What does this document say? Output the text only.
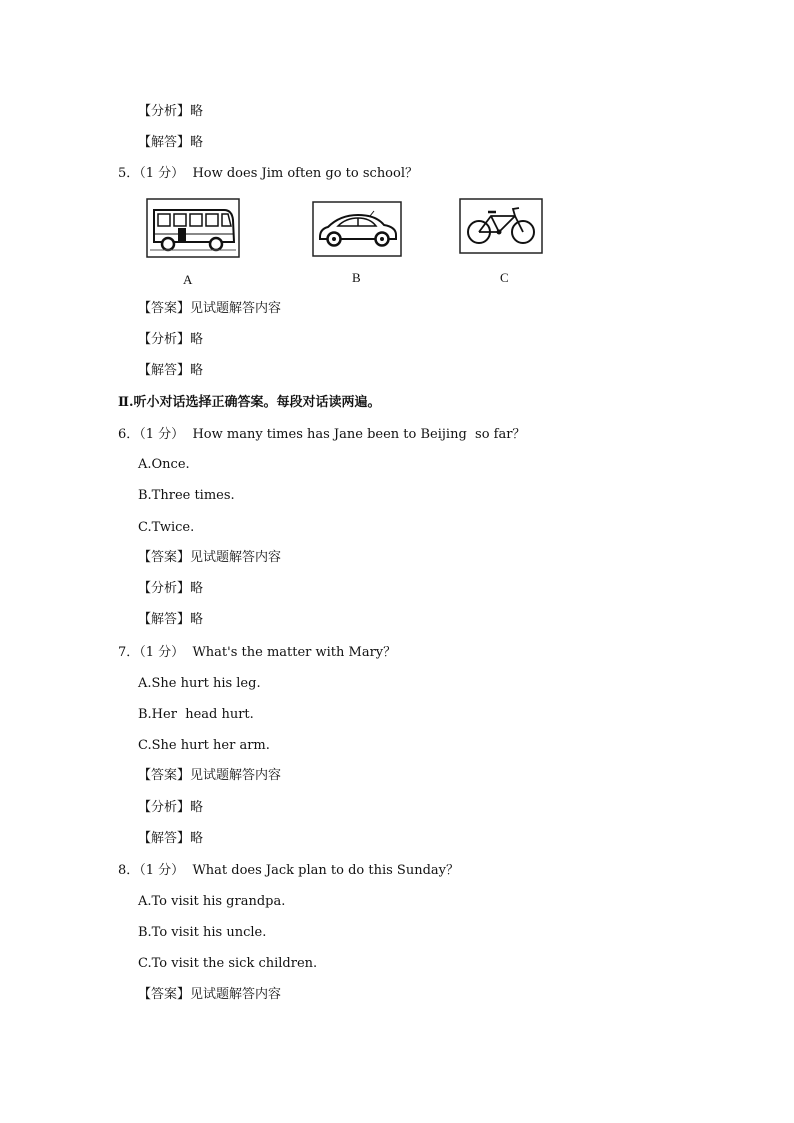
【分析】略
【解答】略
5．（1 分）  How does Jim often go to school？
A	B	C
【答案】见试题解答内容
【分析】略
【解答】略
Ⅱ.听小对话选择正确答案。每段对话读两遍。
6．（1 分）  How many times has Jane been to Beijing  so far？
A.Once.
B.Three times.
C.Twice.
【答案】见试题解答内容
【分析】略
【解答】略
7．（1 分）  What's the matter with Mary？
A.She hurt his leg.
B.Her  head hurt.
C.She hurt her arm.
【答案】见试题解答内容
【分析】略
【解答】略
8．（1 分）  What does Jack plan to do this Sunday？
A.To visit his grandpa.
B.To visit his uncle.
C.To visit the sick children.
【答案】见试题解答内容
